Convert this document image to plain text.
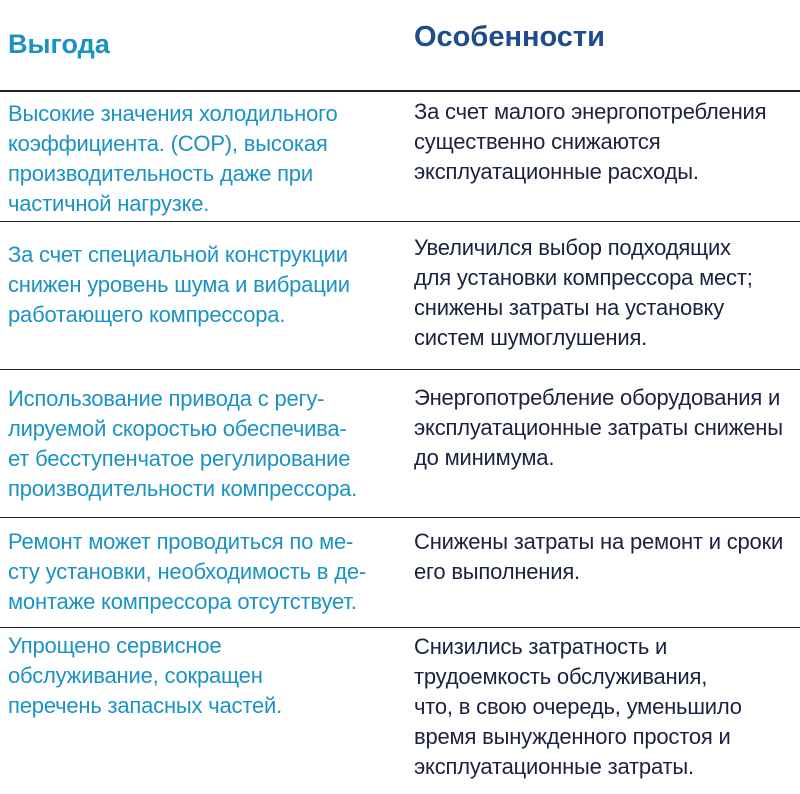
Выгода	Особенности
Высокие значения холодильного
коэффициента. (COP), высокая
производительность даже при
частичной нагрузке.
За счет малого энергопотребления
существенно снижаются
эксплуатационные расходы.
За счет специальной конструкции
снижен уровень шума и вибрации
работающего компрессора.
Увеличился выбор подходящих
для установки компрессора мест;
снижены затраты на установку
систем шумоглушения.
Использование привода с регу-
лируемой скоростью обеспечива-
ет бесступенчатое регулирование
производительности компрессора.
Энергопотребление оборудования и
эксплуатационные затраты снижены
до минимума.
Ремонт может проводиться по ме-
сту установки, необходимость в де-
монтаже компрессора отсутствует.
Снижены затраты на ремонт и сроки
его выполнения.
Упрощено сервисное
обслуживание, сокращен
перечень запасных частей.
Снизились затратность и
трудоемкость обслуживания,
что, в свою очередь, уменьшило
время вынужденного простоя и
эксплуатационные затраты.
